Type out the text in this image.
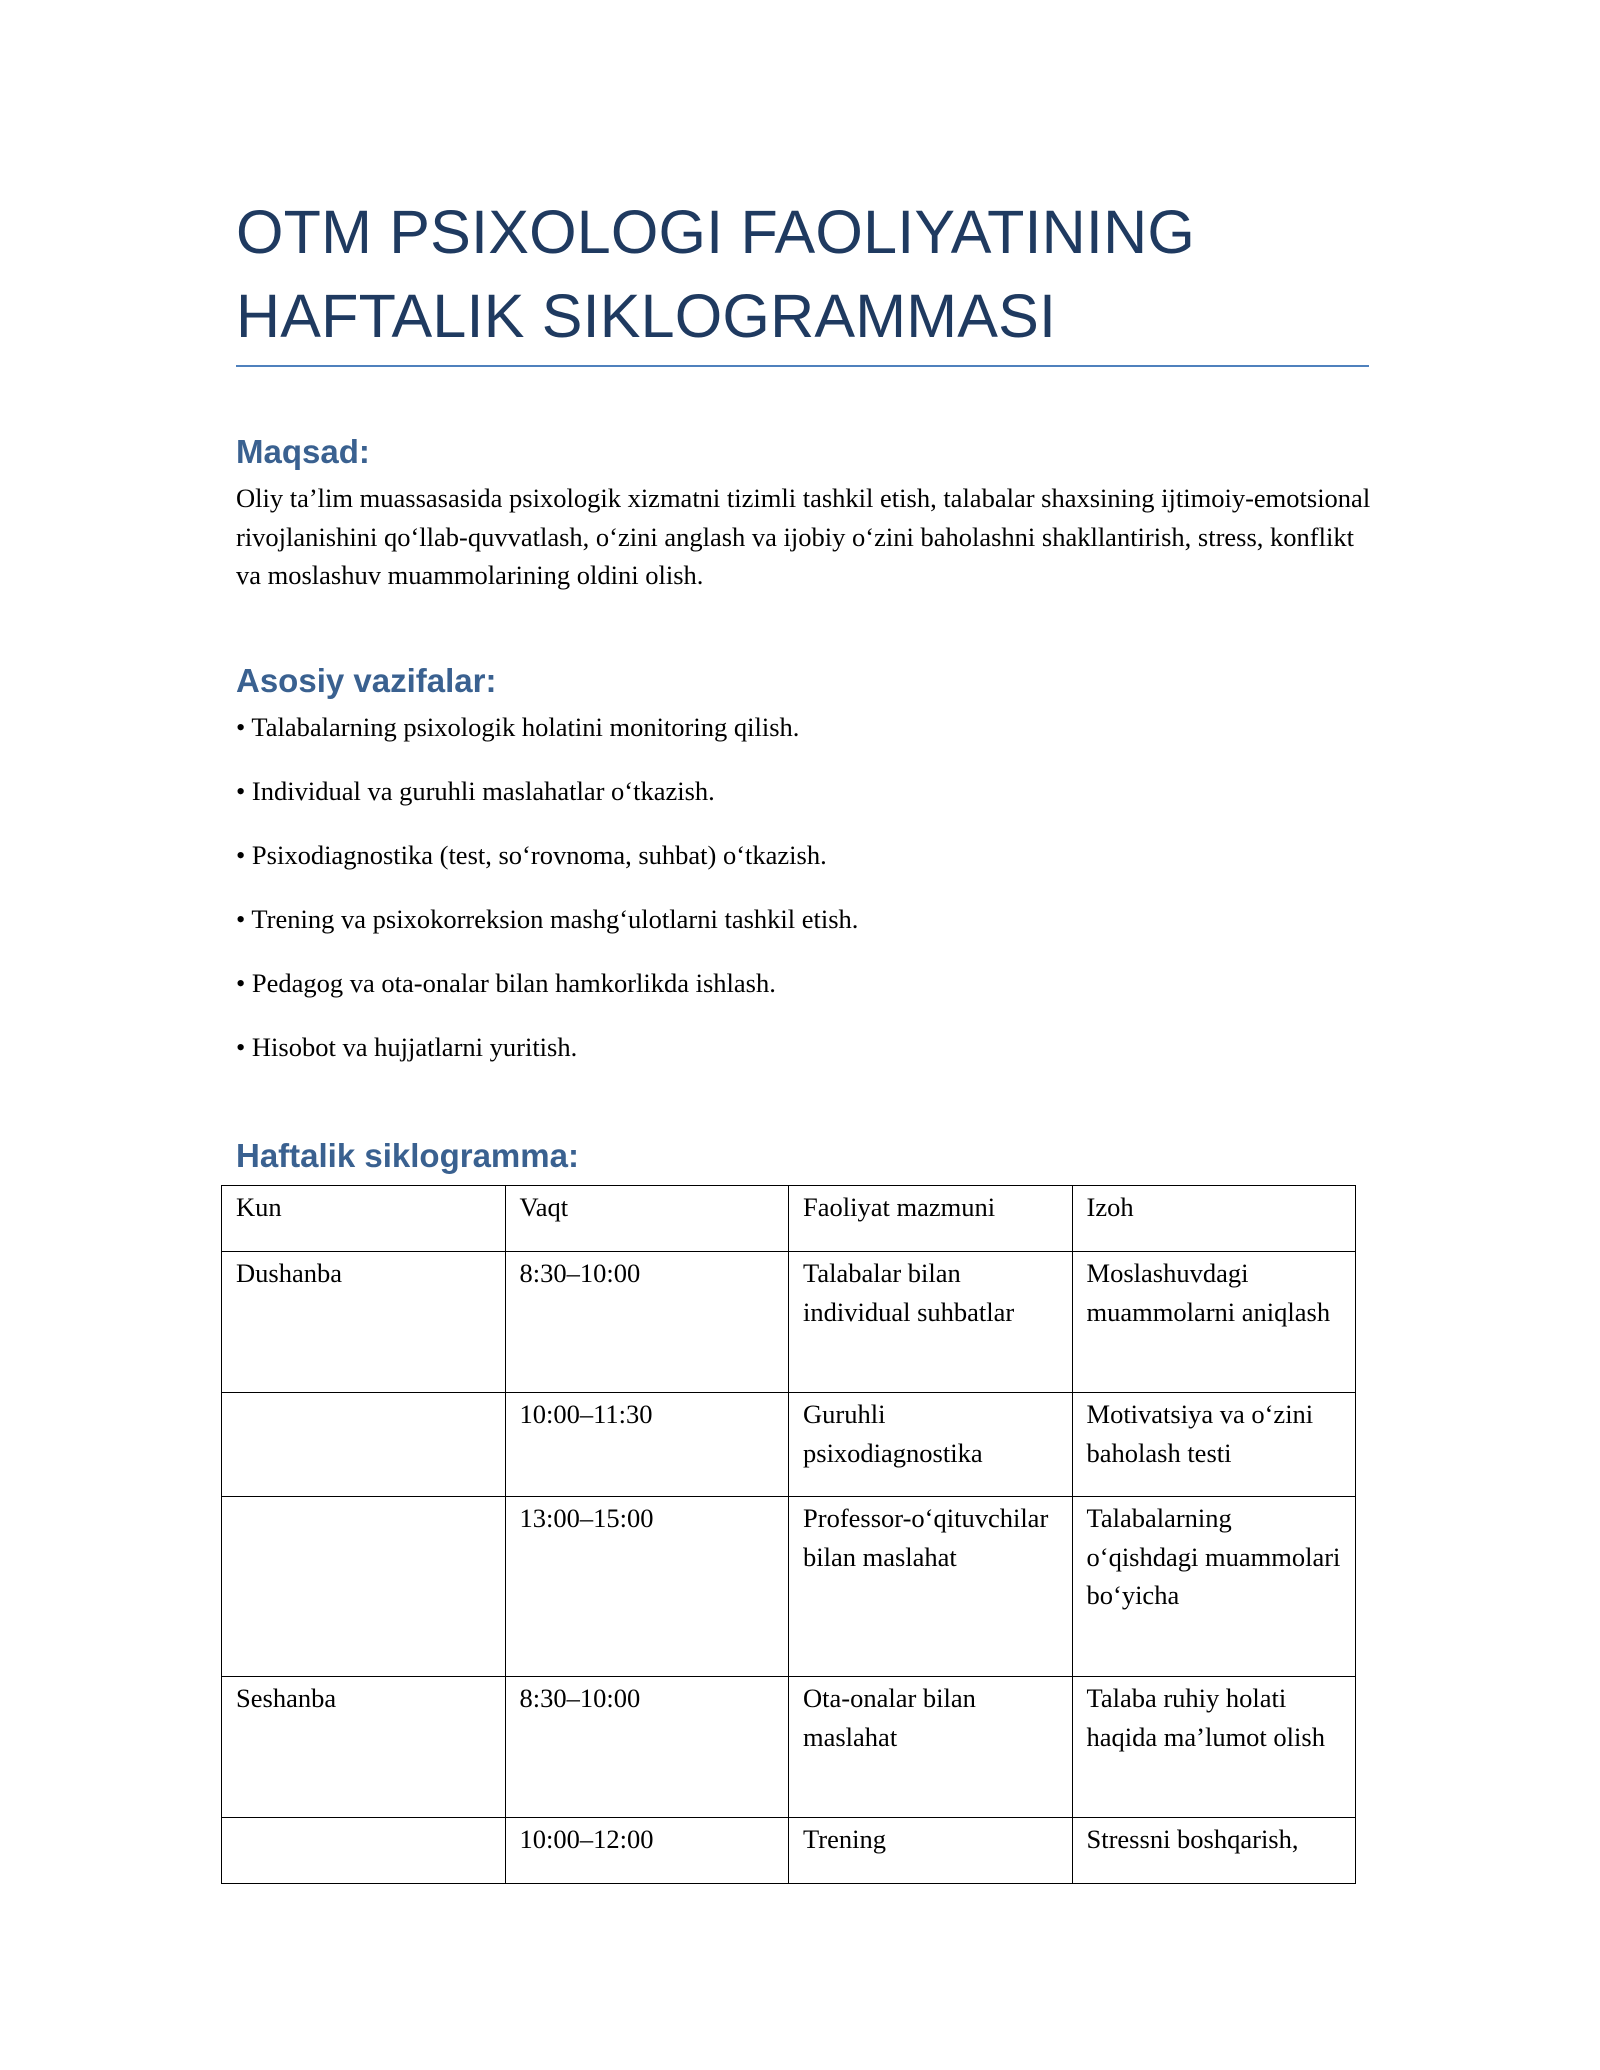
OTM PSIXOLOGI FAOLIYATINING HAFTALIK SIKLOGRAMMASI
Maqsad:

Oliy ta’lim muassasasida psixologik xizmatni tizimli tashkil etish, talabalar shaxsining ijtimoiy-emotsional rivojlanishini qo‘llab-quvvatlash, o‘zini anglash va ijobiy o‘zini baholashni shakllantirish, stress, konflikt va moslashuv muammolarining oldini olish.

Asosiy vazifalar:
• Talabalarning psixologik holatini monitoring qilish.
• Individual va guruhli maslahatlar o‘tkazish.
• Psixodiagnostika (test, so‘rovnoma, suhbat) o‘tkazish.
• Trening va psixokorreksion mashg‘ulotlarni tashkil etish.
• Pedagog va ota-onalar bilan hamkorlikda ishlash.
• Hisobot va hujjatlarni yuritish.
Haftalik siklogramma:
Kun	Vaqt	Faoliyat mazmuni	Izoh
Dushanba	8:30–10:00	Talabalar bilan individual suhbatlar	Moslashuvdagi muammolarni aniqlash
	10:00–11:30	Guruhli psixodiagnostika	Motivatsiya va o‘zini baholash testi
	13:00–15:00	Professor-o‘qituvchilar bilan maslahat	Talabalarning o‘qishdagi muammolari bo‘yicha
Seshanba	8:30–10:00	Ota-onalar bilan maslahat	Talaba ruhiy holati haqida ma’lumot olish
	10:00–12:00	Trening	Stressni boshqarish,
